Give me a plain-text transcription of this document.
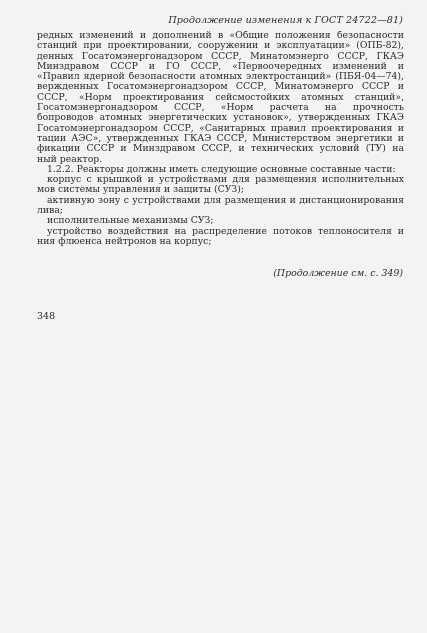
Продолжение изменения к ГОСТ 24722—81)
редных изменений и дополнений в «Общие положения безопасности
станций при проектировании, сооружении и эксплуатации» (ОПБ-82),
денных Госатомэнергонадзором СССР, Минатомэнерго СССР, ГКАЭ
Минздравом СССР и ГО СССР, «Первоочередных изменений и
«Правил ядерной безопасности атомных электростанций» (ПБЯ-04—74),
вержденных Госатомэнергонадзором СССР, Минатомэнерго СССР и
СССР, «Норм проектирования сейсмостойких атомных станций»,
Госатомэнергонадзором СССР, «Норм расчета на прочность
бопроводов атомных энергетических установок», утвержденных ГКАЭ
Госатомэнергонадзором СССР, «Санитарных правил проектирования и
тации АЭС», утвержденных ГКАЭ СССР, Министерством энергетики и
фикации СССР и Минздравом СССР, и технических условий (ТУ) на
ный реактор.
1.2.2. Реакторы должны иметь следующие основные составные части:
корпус с крышкой и устройствами для размещения исполнительных
мов системы управления и защиты (СУЗ);
активную зону с устройствами для размещения и дистанционирования
лива;
исполнительные механизмы СУЗ;
устройство воздействия на распределение потоков теплоносителя и
ния флюенса нейтронов на корпус;
(Продолжение см. с. 349)
348
